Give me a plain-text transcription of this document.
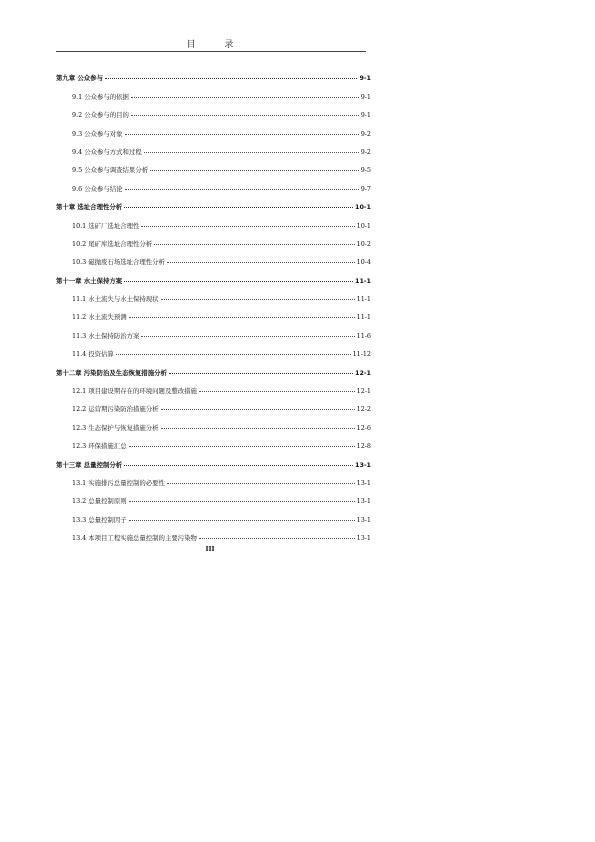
目 录
第九章 公众参与	9-1
9.1 公众参与的依据	9-1
9.2 公众参与的目的	9-1
9.3 公众参与对象	9-2
9.4 公众参与方式和过程	9-2
9.5 公众参与调查结果分析	9-5
9.6 公众参与结论	9-7
第十章 选址合理性分析	10-1
10.1 选矿厂选址合理性	10-1
10.2 尾矿库选址合理性分析	10-2
10.3 磁抛废石场选址合理性分析	10-4
第十一章 水土保持方案	11-1
11.1 水土流失与水土保持现状	11-1
11.2 水土流失预测	11-1
11.3 水土保持防治方案	11-6
11.4 投资估算	11-12
第十二章 污染防治及生态恢复措施分析	12-1
12.1 项目建设期存在的环境问题及整改措施	12-1
12.2 运营期污染防治措施分析	12-2
12.3 生态保护与恢复措施分析	12-6
12.3 环保措施汇总	12-8
第十三章 总量控制分析	13-1
13.1 实施排污总量控制的必要性	13-1
13.2 总量控制原则	13-1
13.3 总量控制因子	13-1
13.4 本项目工程实施总量控制的主要污染物	13-1
III
